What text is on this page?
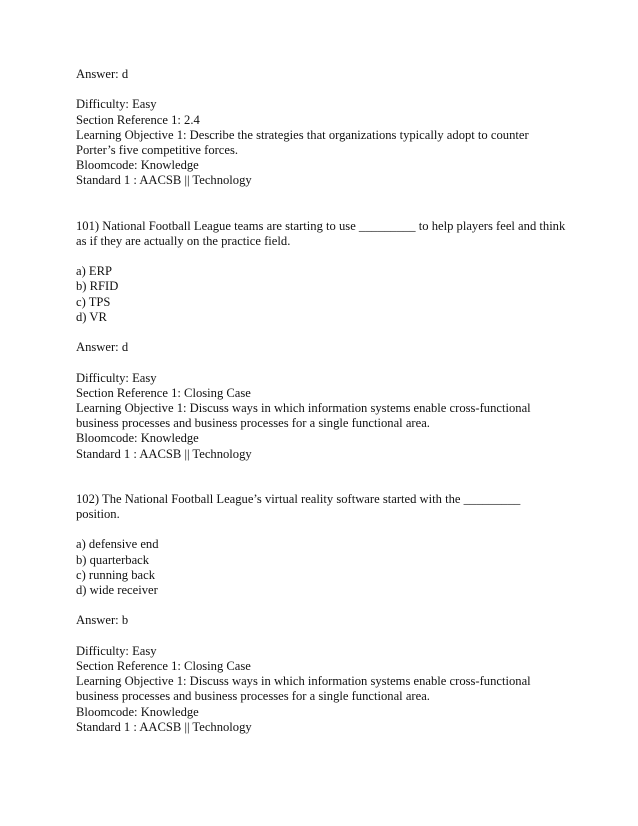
Answer: d
Difficulty: Easy
Section Reference 1: 2.4
Learning Objective 1: Describe the strategies that organizations typically adopt to counter
Porter’s five competitive forces.
Bloomcode: Knowledge
Standard 1 : AACSB || Technology
101) National Football League teams are starting to use _________ to help players feel and think
as if they are actually on the practice field.
a) ERP
b) RFID
c) TPS
d) VR
Answer: d
Difficulty: Easy
Section Reference 1: Closing Case
Learning Objective 1: Discuss ways in which information systems enable cross-functional
business processes and business processes for a single functional area.
Bloomcode: Knowledge
Standard 1 : AACSB || Technology
102) The National Football League’s virtual reality software started with the _________
position.
a) defensive end
b) quarterback
c) running back
d) wide receiver
Answer: b
Difficulty: Easy
Section Reference 1: Closing Case
Learning Objective 1: Discuss ways in which information systems enable cross-functional
business processes and business processes for a single functional area.
Bloomcode: Knowledge
Standard 1 : AACSB || Technology
